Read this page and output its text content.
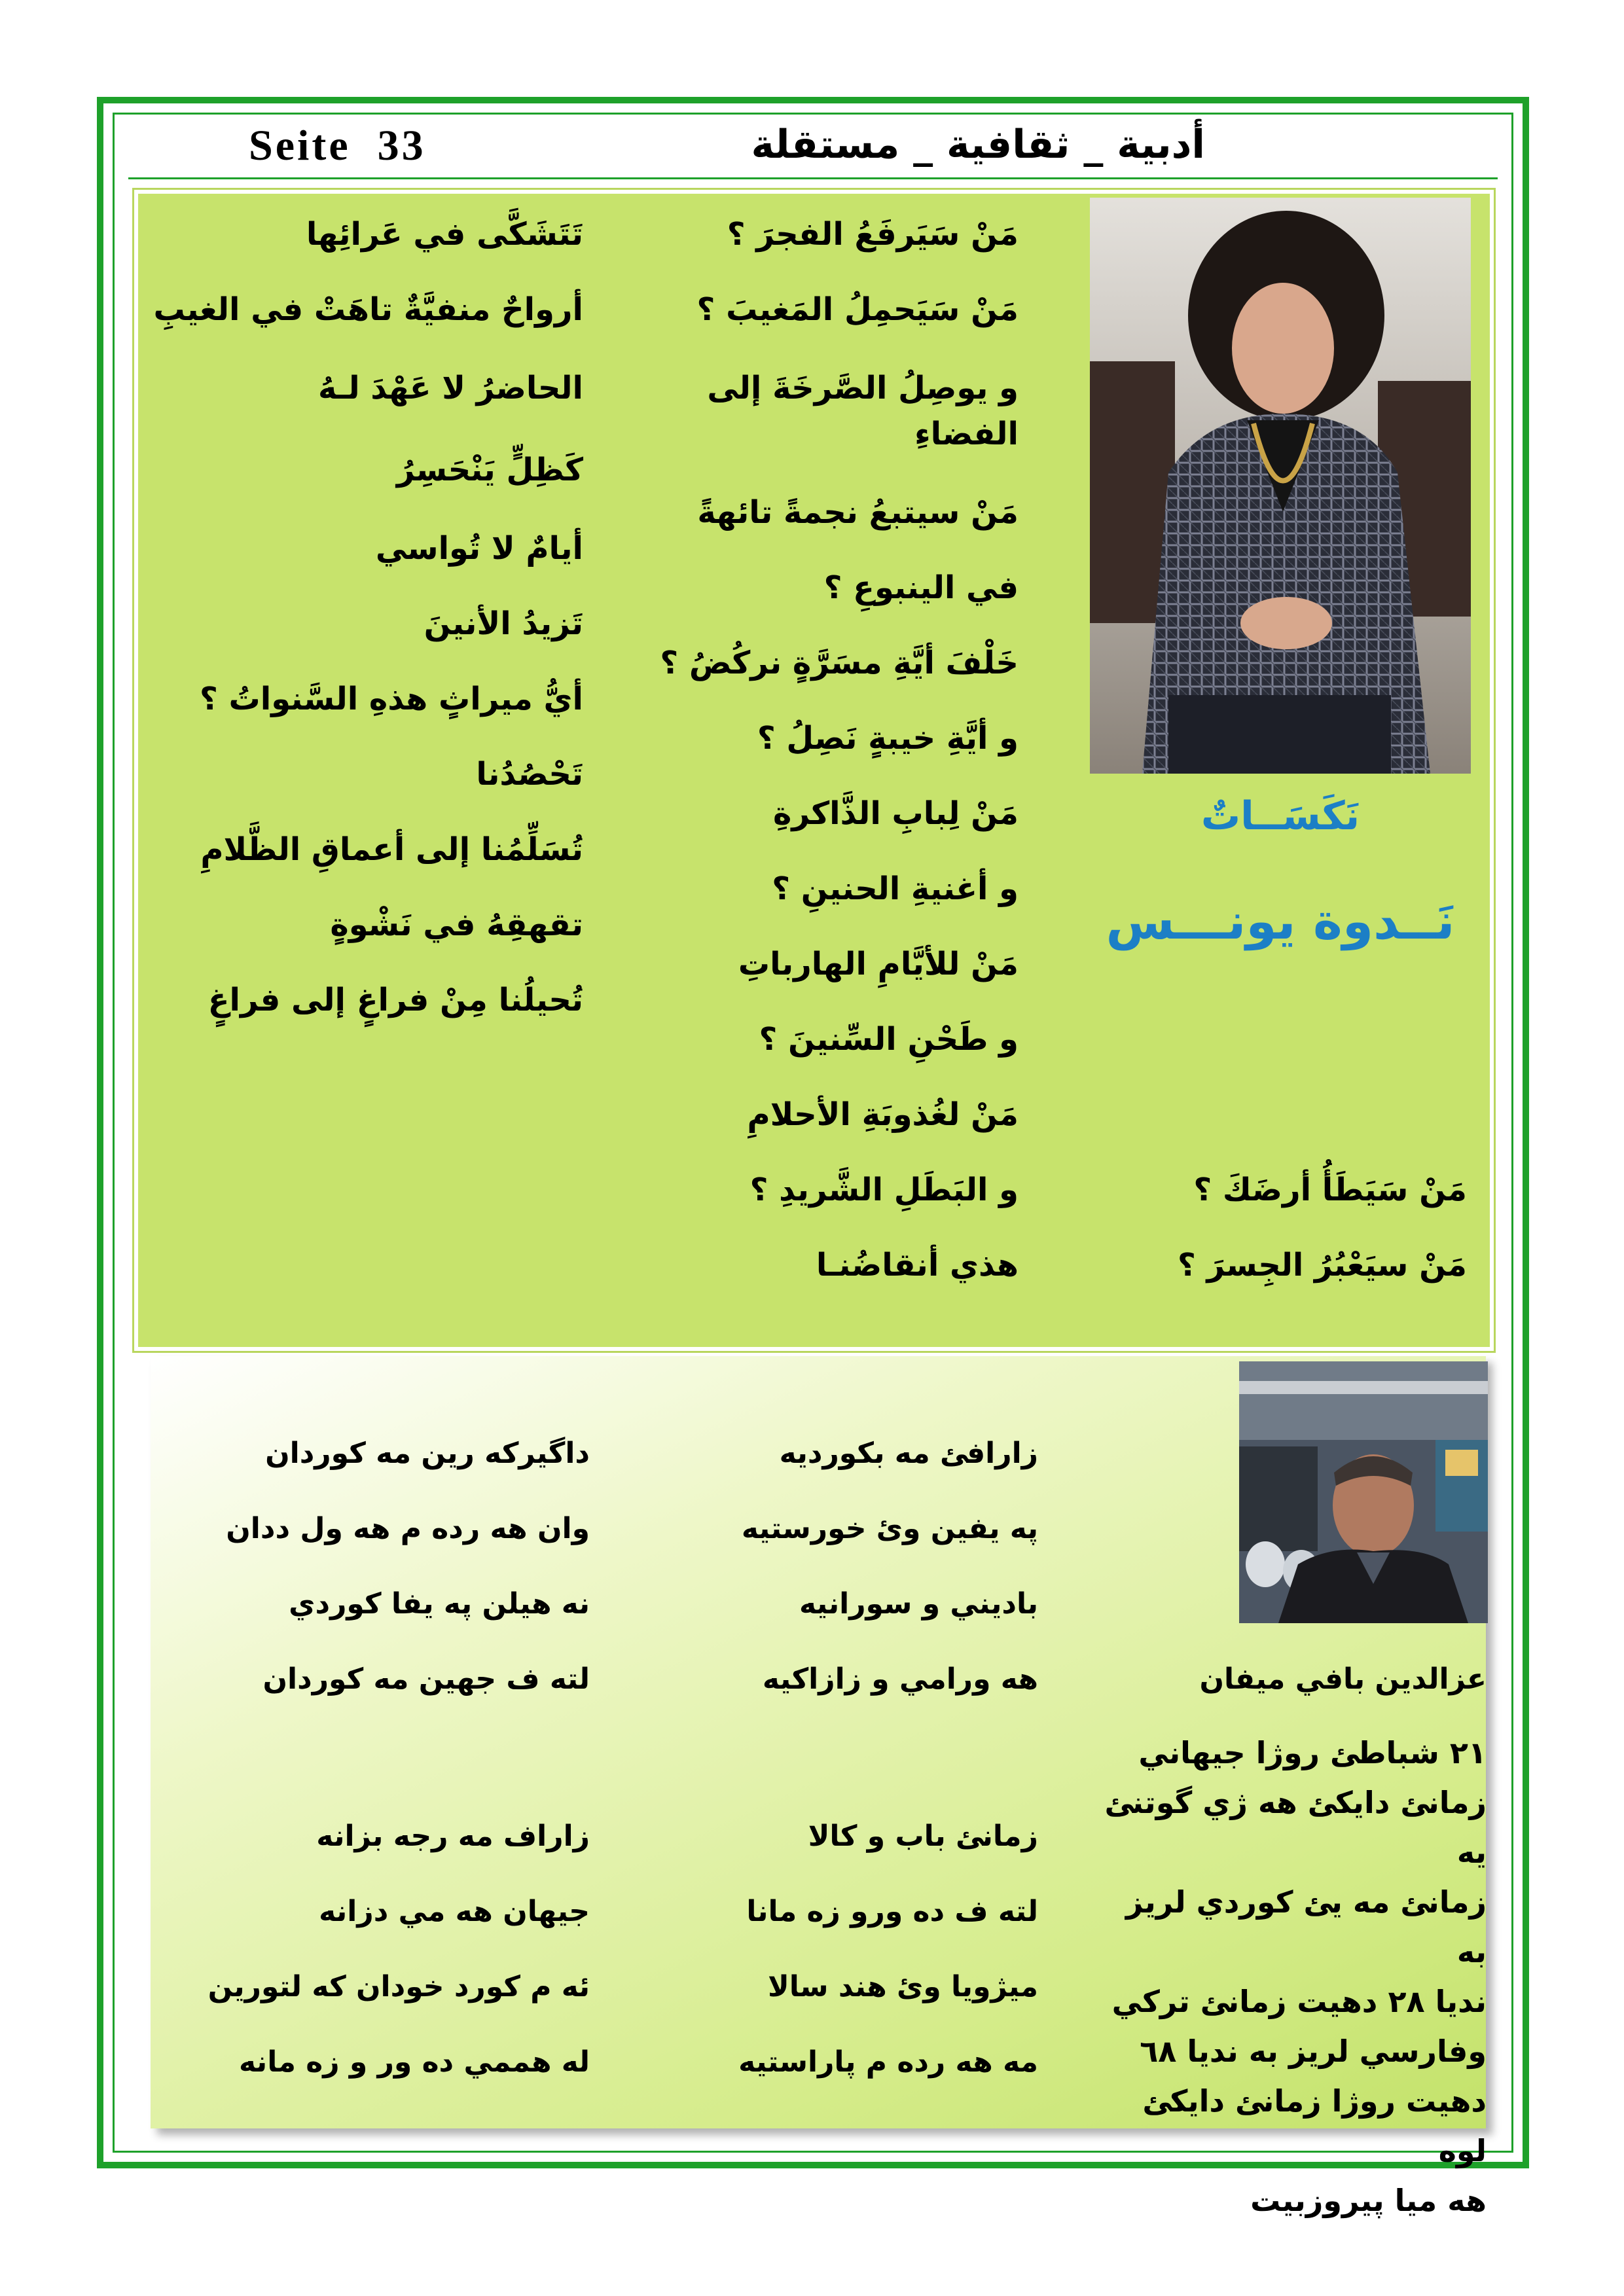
Seite  33	أدبية _ ثقافية _ مستقلة
نَكَسَــاتٌ
نَــدوة يونـــس
مَنْ سَيَرفَعُ الفجرَ ؟
مَنْ سَيَحمِلُ المَغيبَ ؟
و يوصِلُ الصَّرخَةَ إلى
الفضاءِ
مَنْ سيتبعُ نجمةً تائهةً
في الينبوعِ ؟
خَلْفَ أيَّةِ مسَرَّةٍ نركُضُ ؟
و أيَّةِ خيبةٍ نَصِلُ ؟
مَنْ لِبابِ الذَّاكرةِ
و أغنيةِ الحنينِ ؟
مَنْ للأيَّامِ الهارباتِ
و طَحْنِ السِّنينَ ؟
مَنْ لغُذوبَةِ الأحلامِ
و البَطَلِ الشَّريدِ ؟
هذي أنقاضُنـا
تَتَشَكَّى في عَرائِها
أرواحٌ منفيَّةٌ تاهَتْ في الغيبِ
الحاضرُ لا عَهْدَ لـهُ
كَظِلٍّ يَنْحَسِرُ
أيامٌ لا تُواسي
تَزيدُ الأنينَ
أيُّ ميراثٍ هذهِ السَّنواتُ ؟
تَحْصُدُنا
تُسَلِّمُنا إلى أعماقِ الظَّلامِ
تقهقِهُ في نَشْوةٍ
تُحيلُنا مِنْ فراغٍ إلى فراغٍ
مَنْ سَيَطَأُ أرضَكَ ؟
مَنْ سيَعْبُرُ الجِسرَ ؟
عزالدين بافي ميفان
٢١ شباطئ روژا جيهاني
زمانئ دايكئ هه ژي گوتنئ يه
زمانئ مه يئ كوردي لريز به
نديا ٢٨ دهيت زمانئ تركي
وفارسي لريز به نديا ٦٨
دهيت روژا زمانئ دايكئ لوه
هه ميا پيروزبيت
زارافئ مه بكورديه
په يفين وئ خورستيه
باديني و سورانيه
هه ورامي و زازاكيه
داگيركه رين مه كوردان
وان هه رده م هه ول ددان
نه هيلن په يفا كوردي
لته ف جهين مه كوردان
زمانئ باب و كالا
لته ف ده ورو زه مانا
ميژويا وئ هند سالا
مه هه رده م پاراستيه
زاراف مه رجه بزانه
جيهان هه مي دزانه
ئه م كورد خودان كه لتورين
له هممي ده ور و زه مانه
